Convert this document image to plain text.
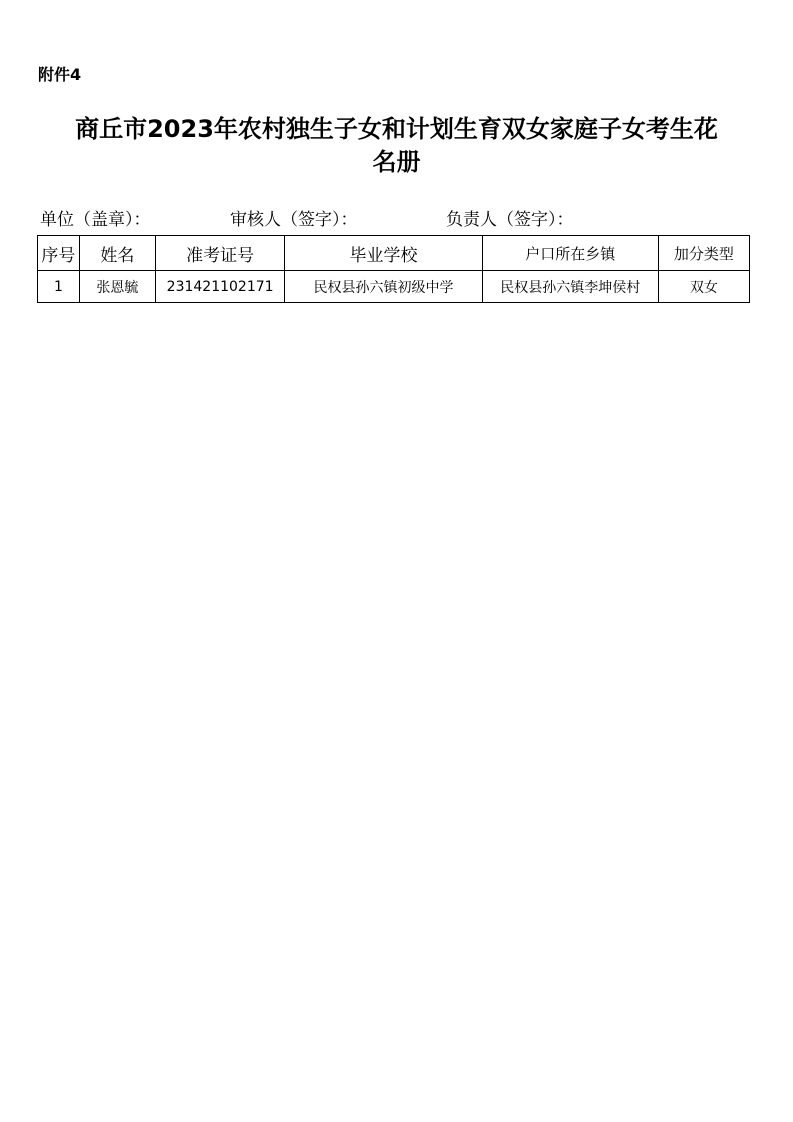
附件4
商丘市2023年农村独生子女和计划生育双女家庭子女考生花
名册
单位（盖章）：	审核人（签字）：	负责人（签字）：
序号	姓名	准考证号	毕业学校	户口所在乡镇	加分类型
1	张恩毓	231421102171	民权县孙六镇初级中学	民权县孙六镇李坤侯村	双女
